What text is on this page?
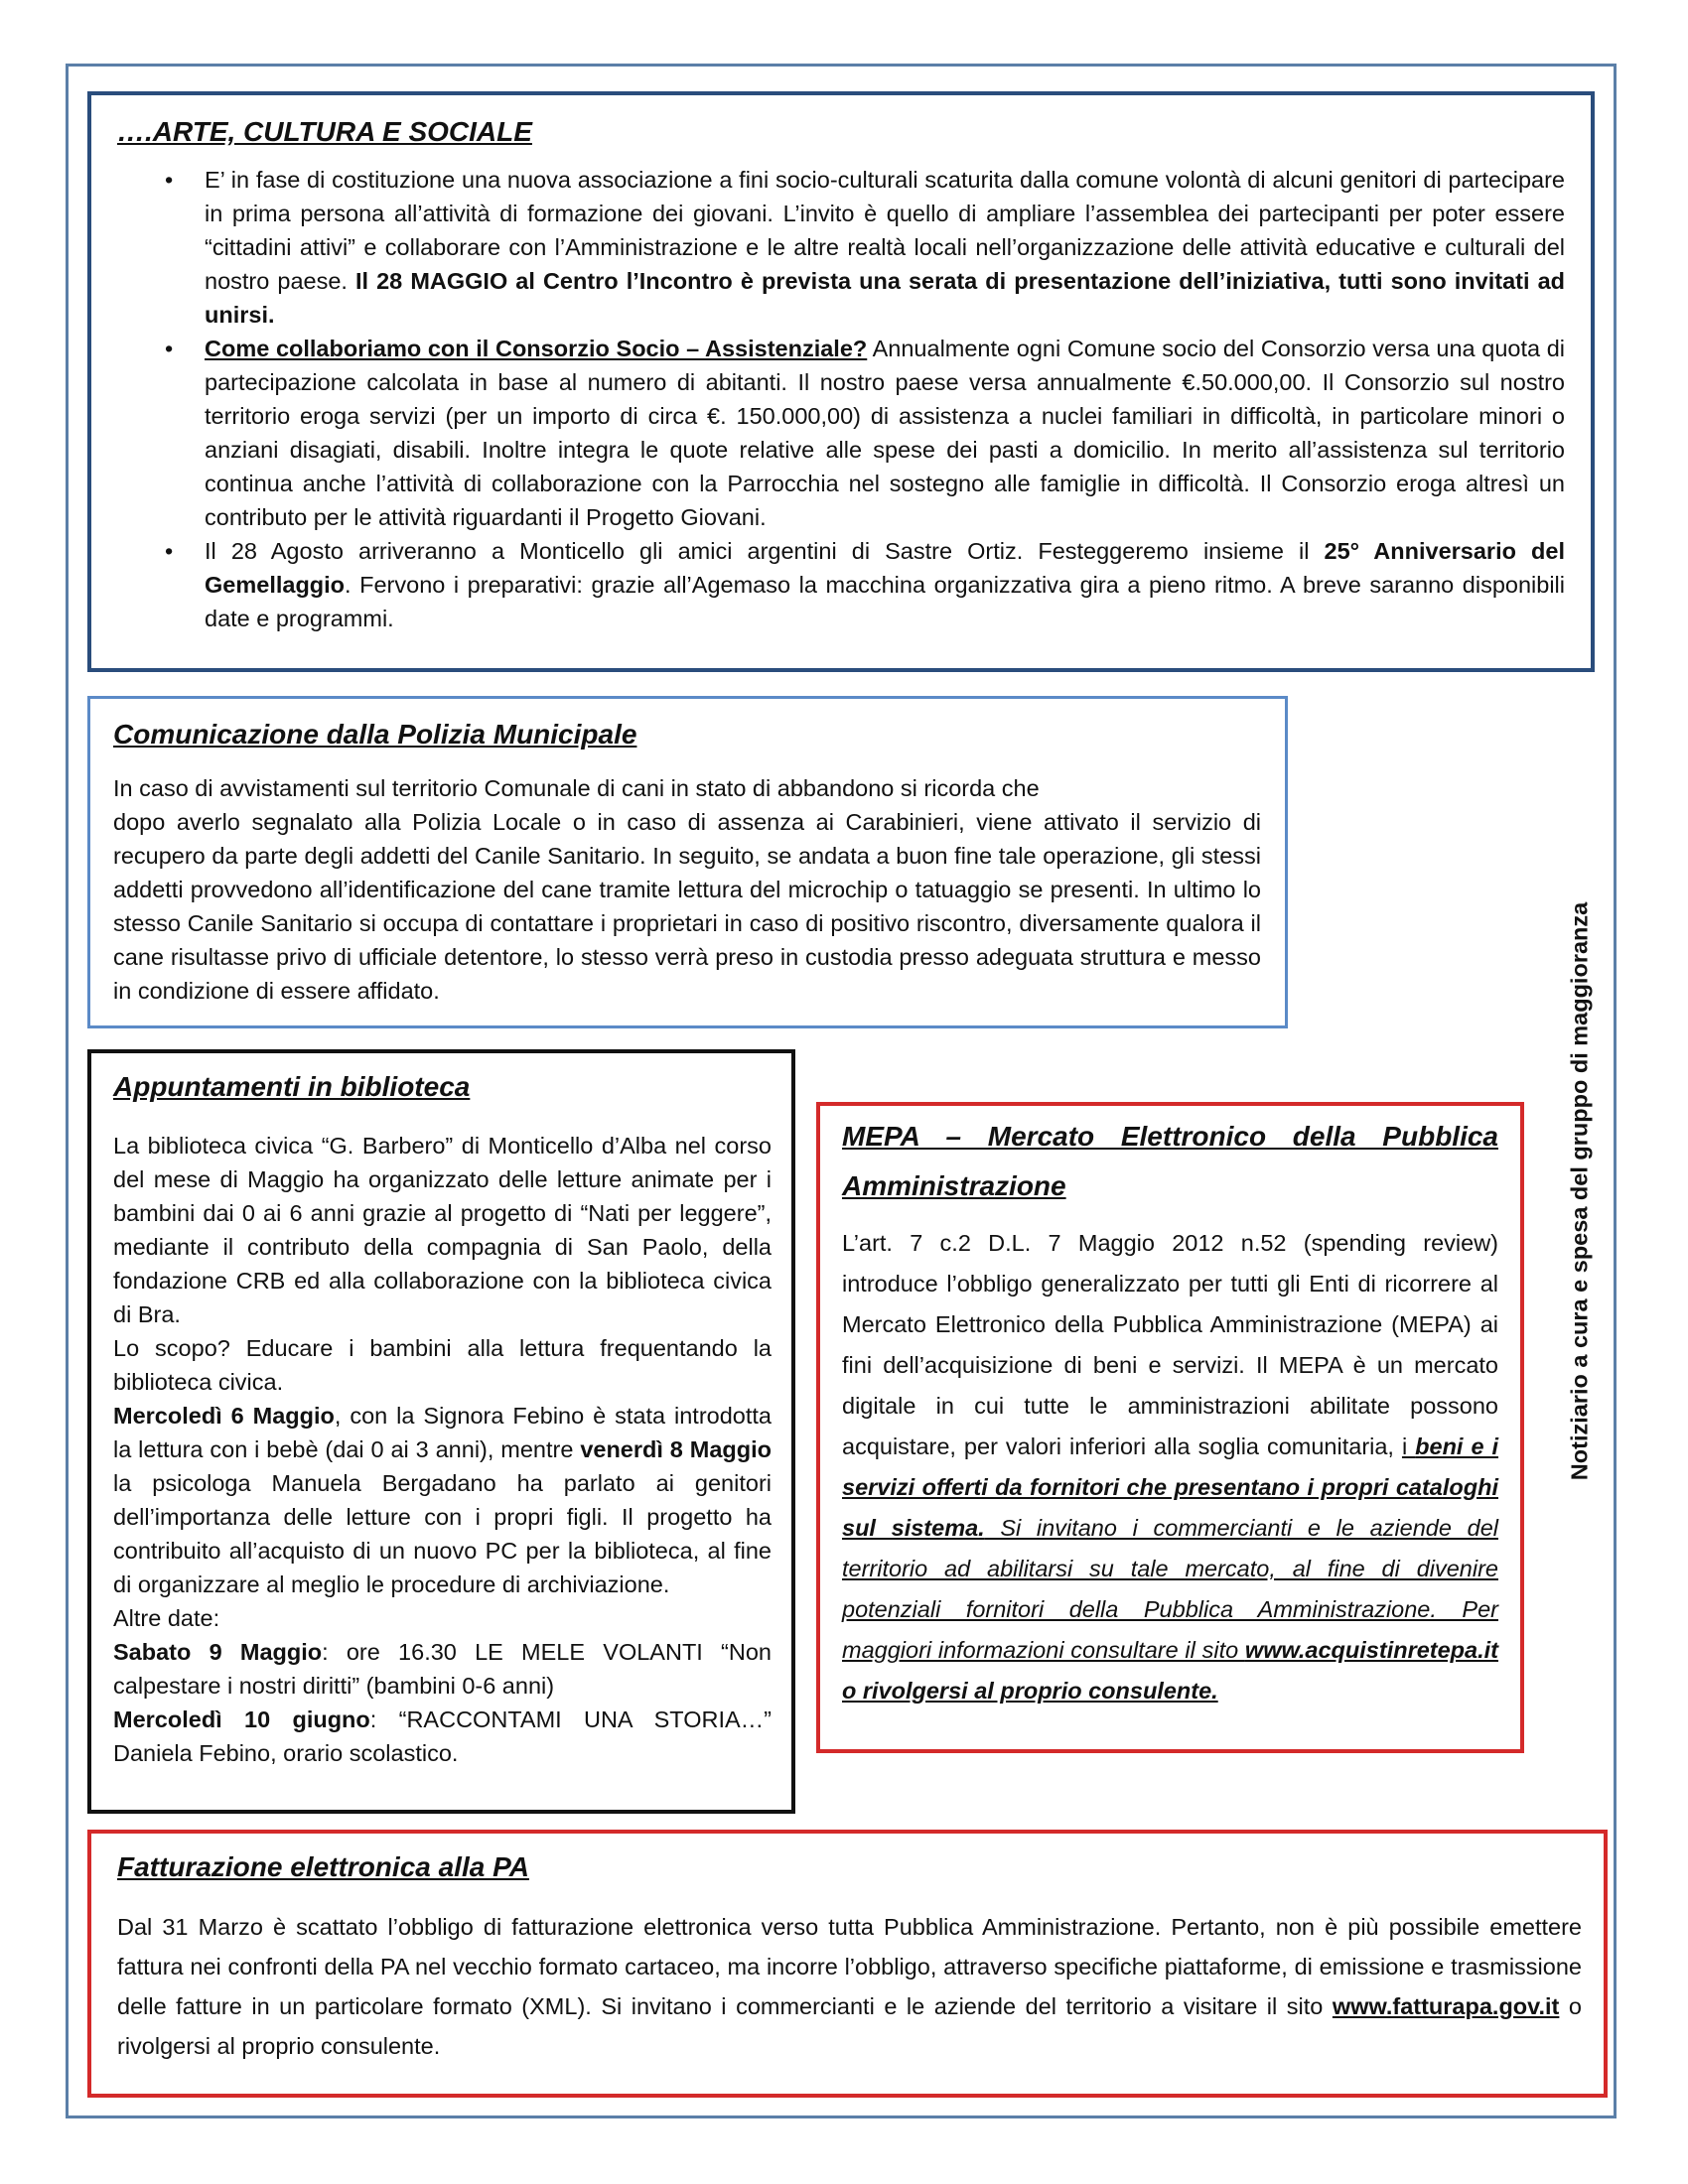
….ARTE, CULTURA E SOCIALE
• E’ in fase di costituzione una nuova associazione a fini socio-culturali scaturita dalla comune volontà di alcuni genitori di partecipare in prima persona all’attività di formazione dei giovani. L’invito è quello di ampliare l’assemblea dei partecipanti per poter essere “cittadini attivi” e collaborare con l’Amministrazione e le altre realtà locali nell’organizzazione delle attività educative e culturali del nostro paese. Il 28 MAGGIO al Centro l’Incontro è prevista una serata di presentazione dell’iniziativa, tutti sono invitati ad unirsi.
• Come collaboriamo con il Consorzio Socio – Assistenziale? Annualmente ogni Comune socio del Consorzio versa una quota di partecipazione calcolata in base al numero di abitanti. Il nostro paese versa annualmente €.50.000,00. Il Consorzio sul nostro territorio eroga servizi (per un importo di circa €. 150.000,00) di assistenza a nuclei familiari in difficoltà, in particolare minori o anziani disagiati, disabili. Inoltre integra le quote relative alle spese dei pasti a domicilio. In merito all’assistenza sul territorio continua anche l’attività di collaborazione con la Parrocchia nel sostegno alle famiglie in difficoltà. Il Consorzio eroga altresì un contributo per le attività riguardanti il Progetto Giovani.
• Il 28 Agosto arriveranno a Monticello gli amici argentini di Sastre Ortiz. Festeggeremo insieme il 25° Anniversario del Gemellaggio. Fervono i preparativi: grazie all’Agemaso la macchina organizzativa gira a pieno ritmo. A breve saranno disponibili date e programmi.
Comunicazione dalla Polizia Municipale
In caso di avvistamenti sul territorio Comunale di cani in stato di abbandono si ricorda che
dopo averlo segnalato alla Polizia Locale o in caso di assenza ai Carabinieri, viene attivato il servizio di recupero da parte degli addetti del Canile Sanitario. In seguito, se andata a buon fine tale operazione, gli stessi addetti provvedono all’identificazione del cane tramite lettura del microchip o tatuaggio se presenti. In ultimo lo stesso Canile Sanitario si occupa di contattare i proprietari in caso di positivo riscontro, diversamente qualora il cane risultasse privo di ufficiale detentore, lo stesso verrà preso in custodia presso adeguata struttura e messo in condizione di essere affidato.
Appuntamenti in biblioteca
La biblioteca civica “G. Barbero” di Monticello d’Alba nel corso del mese di Maggio ha organizzato delle letture animate per i bambini dai 0 ai 6 anni grazie al progetto di “Nati per leggere”, mediante il contributo della compagnia di San Paolo, della fondazione CRB ed alla collaborazione con la biblioteca civica di Bra.
Lo scopo? Educare i bambini alla lettura frequentando la biblioteca civica.
Mercoledì 6 Maggio, con la Signora Febino è stata introdotta la lettura con i bebè (dai 0 ai 3 anni), mentre venerdì 8 Maggio la psicologa Manuela Bergadano ha parlato ai genitori dell’importanza delle letture con i propri figli. Il progetto ha contribuito all’acquisto di un nuovo PC per la biblioteca, al fine di organizzare al meglio le procedure di archiviazione.
Altre date:
Sabato 9 Maggio: ore 16.30 LE MELE VOLANTI “Non calpestare i nostri diritti” (bambini 0-6 anni)
Mercoledì 10 giugno: “RACCONTAMI UNA STORIA…” Daniela Febino, orario scolastico.
MEPA – Mercato Elettronico della Pubblica Amministrazione
L’art. 7 c.2 D.L. 7 Maggio 2012 n.52 (spending review) introduce l’obbligo generalizzato per tutti gli Enti di ricorrere al Mercato Elettronico della Pubblica Amministrazione (MEPA) ai fini dell’acquisizione di beni e servizi. Il MEPA è un mercato digitale in cui tutte le amministrazioni abilitate possono acquistare, per valori inferiori alla soglia comunitaria, i beni e i servizi offerti da fornitori che presentano i propri cataloghi sul sistema. Si invitano i commercianti e le aziende del territorio ad abilitarsi su tale mercato, al fine di divenire potenziali fornitori della Pubblica Amministrazione. Per maggiori informazioni consultare il sito www.acquistinretepa.it o rivolgersi al proprio consulente.
Notiziario a cura e spesa del gruppo di maggioranza
Fatturazione elettronica alla PA
Dal 31 Marzo è scattato l’obbligo di fatturazione elettronica verso tutta Pubblica Amministrazione. Pertanto, non è più possibile emettere fattura nei confronti della PA nel vecchio formato cartaceo, ma incorre l’obbligo, attraverso specifiche piattaforme, di emissione e trasmissione delle fatture in un particolare formato (XML). Si invitano i commercianti e le aziende del territorio a visitare il sito www.fatturapa.gov.it o rivolgersi al proprio consulente.
